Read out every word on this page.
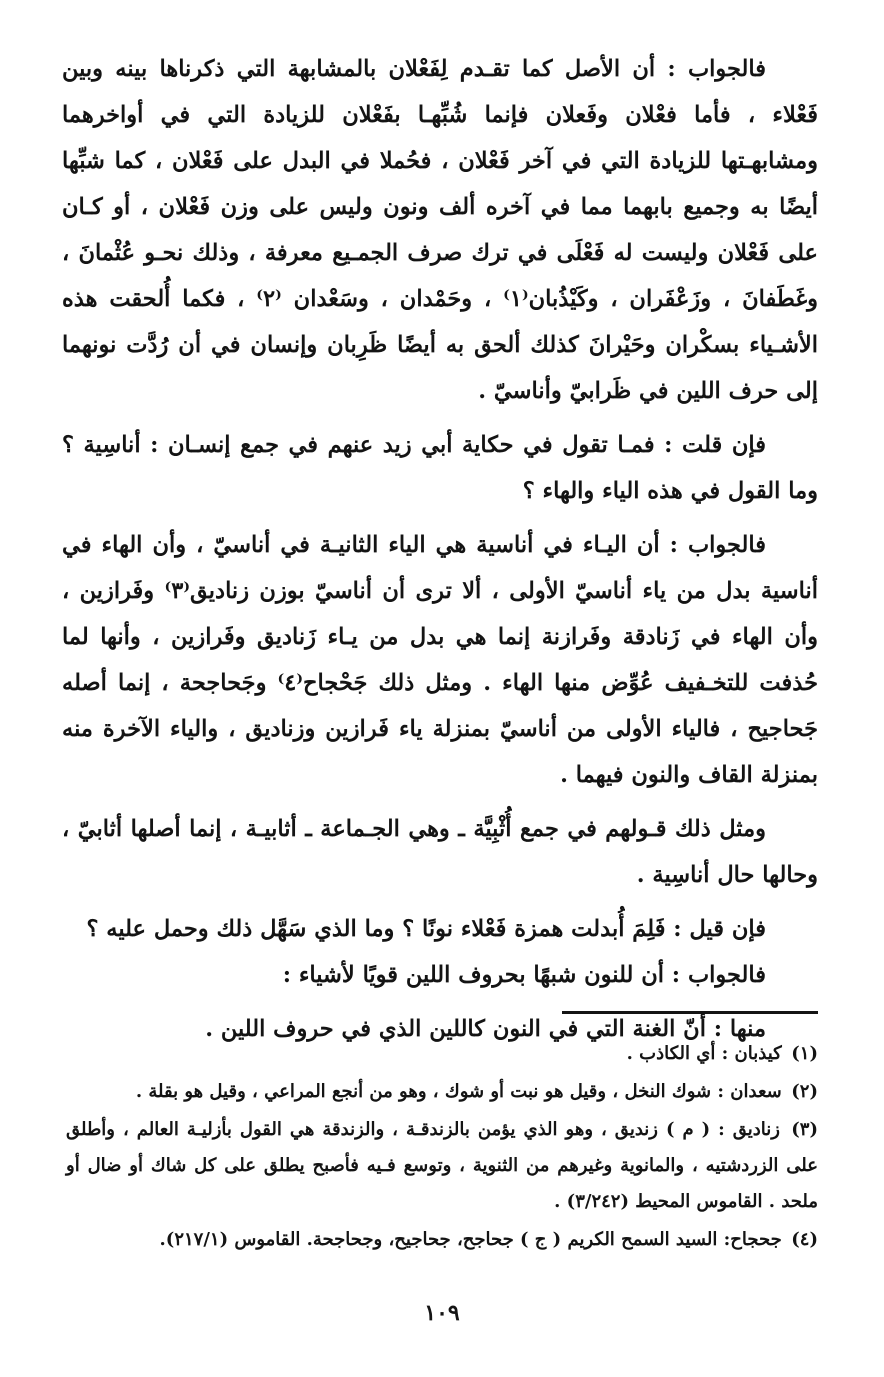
فالجواب : أن الأصل كما تقـدم لِفَعْلان بالمشابهة التي ذكرناها بينه وبين فَعْلاء ، فأما فعْلان وفَعلان فإنما شُبِّهـا بفَعْلان للزيادة التي في أواخرهما ومشابهـتها للزيادة التي في آخر فَعْلان ، فحُملا في البدل على فَعْلان ، كما شبِّها أيضًا به وجميع بابهما مما في آخره ألف ونون وليس على وزن فَعْلان ، أو كـان على فَعْلان وليست له فَعْلَى في ترك صرف الجمـيع معرفة ، وذلك نحـو عُثْمانَ ، وغَطَفانَ ، وزَعْفَران ، وكَيْذُبان⁽١⁾ ، وحَمْدان ، وسَعْدان ⁽٢⁾ ، فكما أُلحقت هذه الأشـياء بسكْران وحَيْرانَ كذلك ألحق به أيضًا ظَرِبان وإنسان في أن رُدَّت نونهما إلى حرف اللين في ظَرابيّ وأناسيّ .

فإن قلت : فمـا تقول في حكاية أبي زيد عنهم في جمع إنسـان : أناسِية ؟ وما القول في هذه الياء والهاء ؟

فالجواب : أن اليـاء في أناسية هي الياء الثانيـة في أناسيّ ، وأن الهاء في أناسية بدل من ياء أناسيّ الأولى ، ألا ترى أن أناسيّ بوزن زناديق⁽٣⁾ وفَرازين ، وأن الهاء في زَنادقة وفَرازنة إنما هي بدل من يـاء زَناديق وفَرازين ، وأنها لما حُذفت للتخـفيف عُوِّض منها الهاء . ومثل ذلك جَحْجاح⁽٤⁾ وجَحاجحة ، إنما أصله جَحاجيح ، فالياء الأولى من أناسيّ بمنزلة ياء فَرازين وزناديق ، والياء الآخرة منه بمنزلة القاف والنون فيهما .

ومثل ذلك قـولهم في جمع أُثْبِيَّة ـ وهي الجـماعة ـ أثابيـة ، إنما أصلها أثابيّ ، وحالها حال أناسِية .

فإن قيل : فَلِمَ أُبدلت همزة فَعْلاء نونًا ؟ وما الذي سَهَّل ذلك وحمل عليه ؟

فالجواب : أن للنون شبهًا بحروف اللين قويًا لأشياء :

منها : أنّ الغنة التي في النون كاللين الذي في حروف اللين .

(١) كيذبان : أي الكاذب .

(٢) سعدان : شوك النخل ، وقيل هو نبت أو شوك ، وهو من أنجع المراعي ، وقيل هو بقلة .

(٣) زناديق : ( م ) زنديق ، وهو الذي يؤمن بالزندقـة ، والزندقة هي القول بأزليـة العالم ، وأطلق على الزردشتيه ، والمانوية وغيرهم من الثنوية ، وتوسع فـيه فأصبح يطلق على كل شاك أو ضال أو ملحد . القاموس المحيط (٣/٢٤٢) .

(٤) جحجاح: السيد السمح الكريم ( ج ) جحاجح، جحاجيح، وجحاجحة. القاموس (٢١٧/١).

١٠٩
